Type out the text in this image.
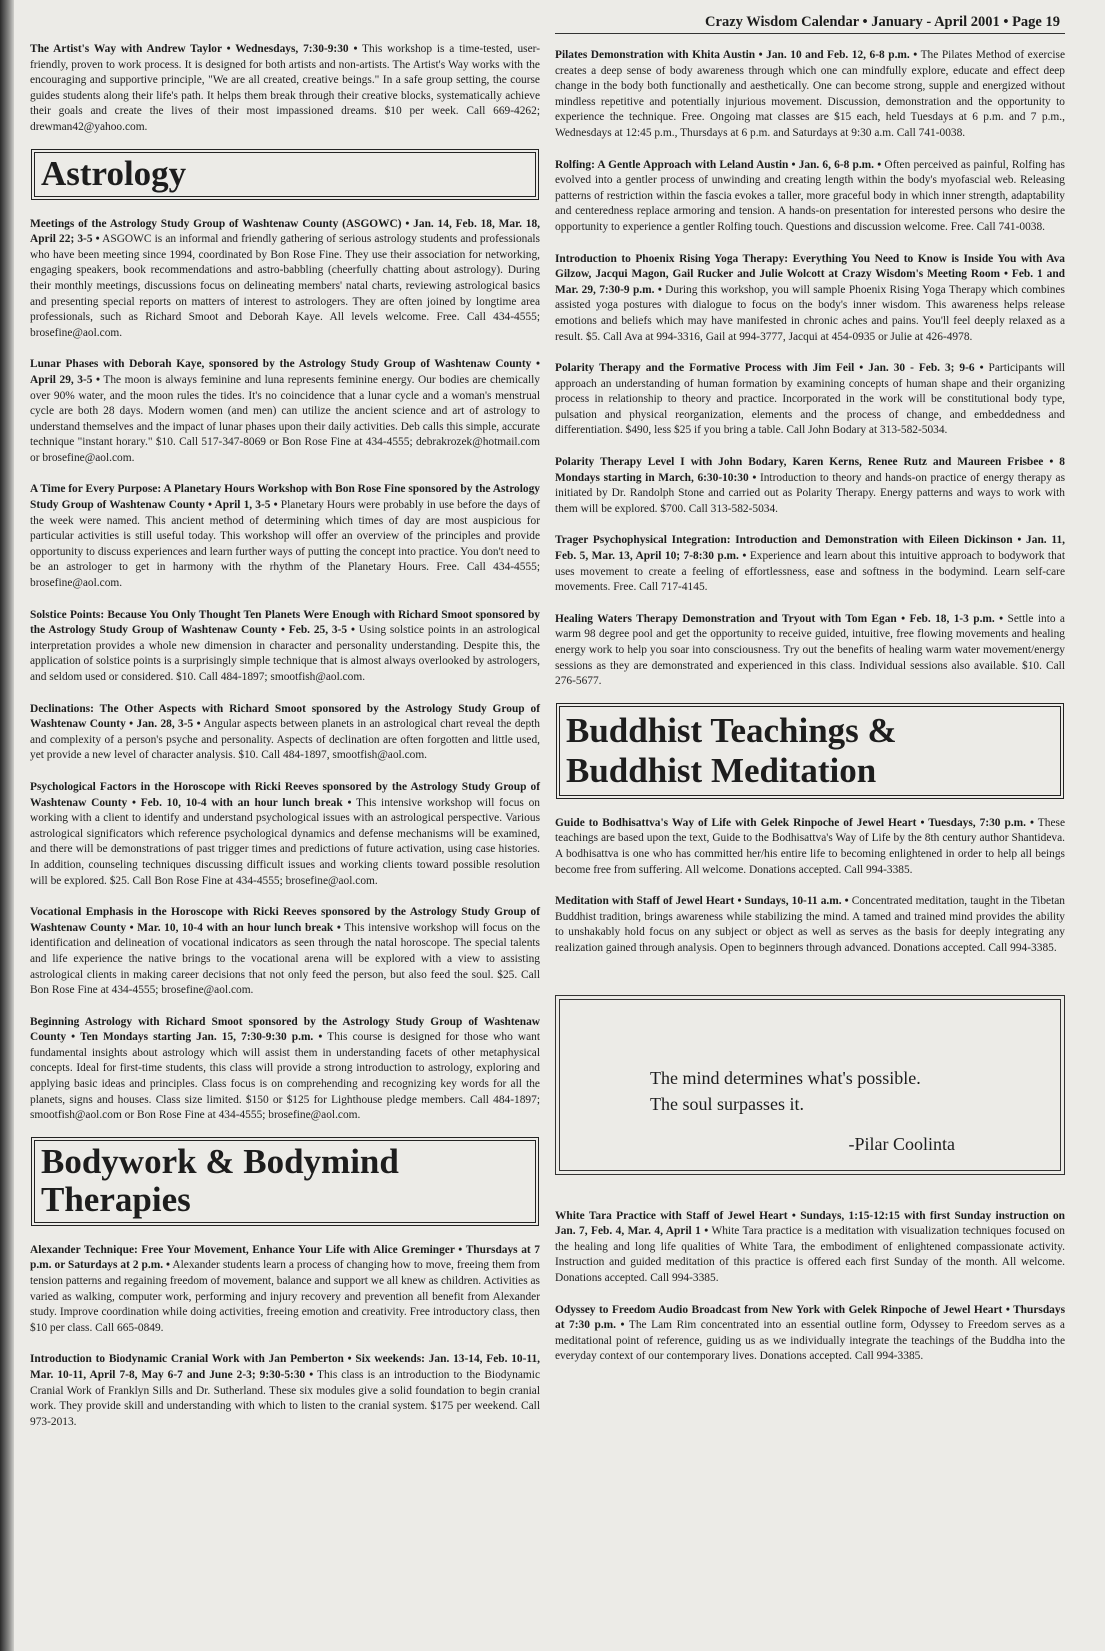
Crazy Wisdom Calendar • January - April 2001 • Page 19

The Artist's Way with Andrew Taylor • Wednesdays, 7:30-9:30 • This workshop is a time-tested, user-friendly, proven to work process. It is designed for both artists and non-artists. The Artist's Way works with the encouraging and supportive principle, "We are all created, creative beings." In a safe group setting, the course guides students along their life's path. It helps them break through their creative blocks, systematically achieve their goals and create the lives of their most impassioned dreams. $10 per week. Call 669-4262; drewman42@yahoo.com.

Astrology

Meetings of the Astrology Study Group of Washtenaw County (ASGOWC) • Jan. 14, Feb. 18, Mar. 18, April 22; 3-5 • ASGOWC is an informal and friendly gathering of serious astrology students and professionals who have been meeting since 1994, coordinated by Bon Rose Fine. They use their association for networking, engaging speakers, book recommendations and astro-babbling (cheerfully chatting about astrology). During their monthly meetings, discussions focus on delineating members' natal charts, reviewing astrological basics and presenting special reports on matters of interest to astrologers. They are often joined by longtime area professionals, such as Richard Smoot and Deborah Kaye. All levels welcome. Free. Call 434-4555; brosefine@aol.com.

Lunar Phases with Deborah Kaye, sponsored by the Astrology Study Group of Washtenaw County • April 29, 3-5 • The moon is always feminine and luna represents feminine energy. Our bodies are chemically over 90% water, and the moon rules the tides. It's no coincidence that a lunar cycle and a woman's menstrual cycle are both 28 days. Modern women (and men) can utilize the ancient science and art of astrology to understand themselves and the impact of lunar phases upon their daily activities. Deb calls this simple, accurate technique "instant horary." $10. Call 517-347-8069 or Bon Rose Fine at 434-4555; debrakrozek@hotmail.com or brosefine@aol.com.

A Time for Every Purpose: A Planetary Hours Workshop with Bon Rose Fine sponsored by the Astrology Study Group of Washtenaw County • April 1, 3-5 • Planetary Hours were probably in use before the days of the week were named. This ancient method of determining which times of day are most auspicious for particular activities is still useful today. This workshop will offer an overview of the principles and provide opportunity to discuss experiences and learn further ways of putting the concept into practice. You don't need to be an astrologer to get in harmony with the rhythm of the Planetary Hours. Free. Call 434-4555; brosefine@aol.com.

Solstice Points: Because You Only Thought Ten Planets Were Enough with Richard Smoot sponsored by the Astrology Study Group of Washtenaw County • Feb. 25, 3-5 • Using solstice points in an astrological interpretation provides a whole new dimension in character and personality understanding. Despite this, the application of solstice points is a surprisingly simple technique that is almost always overlooked by astrologers, and seldom used or considered. $10. Call 484-1897; smootfish@aol.com.

Declinations: The Other Aspects with Richard Smoot sponsored by the Astrology Study Group of Washtenaw County • Jan. 28, 3-5 • Angular aspects between planets in an astrological chart reveal the depth and complexity of a person's psyche and personality. Aspects of declination are often forgotten and little used, yet provide a new level of character analysis. $10. Call 484-1897, smootfish@aol.com.

Psychological Factors in the Horoscope with Ricki Reeves sponsored by the Astrology Study Group of Washtenaw County • Feb. 10, 10-4 with an hour lunch break • This intensive workshop will focus on working with a client to identify and understand psychological issues with an astrological perspective. Various astrological significators which reference psychological dynamics and defense mechanisms will be examined, and there will be demonstrations of past trigger times and predictions of future activation, using case histories. In addition, counseling techniques discussing difficult issues and working clients toward possible resolution will be explored. $25. Call Bon Rose Fine at 434-4555; brosefine@aol.com.

Vocational Emphasis in the Horoscope with Ricki Reeves sponsored by the Astrology Study Group of Washtenaw County • Mar. 10, 10-4 with an hour lunch break • This intensive workshop will focus on the identification and delineation of vocational indicators as seen through the natal horoscope. The special talents and life experience the native brings to the vocational arena will be explored with a view to assisting astrological clients in making career decisions that not only feed the person, but also feed the soul. $25. Call Bon Rose Fine at 434-4555; brosefine@aol.com.

Beginning Astrology with Richard Smoot sponsored by the Astrology Study Group of Washtenaw County • Ten Mondays starting Jan. 15, 7:30-9:30 p.m. • This course is designed for those who want fundamental insights about astrology which will assist them in understanding facets of other metaphysical concepts. Ideal for first-time students, this class will provide a strong introduction to astrology, exploring and applying basic ideas and principles. Class focus is on comprehending and recognizing key words for all the planets, signs and houses. Class size limited. $150 or $125 for Lighthouse pledge members. Call 484-1897; smootfish@aol.com or Bon Rose Fine at 434-4555; brosefine@aol.com.

Bodywork & Bodymind Therapies

Alexander Technique: Free Your Movement, Enhance Your Life with Alice Greminger • Thursdays at 7 p.m. or Saturdays at 2 p.m. • Alexander students learn a process of changing how to move, freeing them from tension patterns and regaining freedom of movement, balance and support we all knew as children. Activities as varied as walking, computer work, performing and injury recovery and prevention all benefit from Alexander study. Improve coordination while doing activities, freeing emotion and creativity. Free introductory class, then $10 per class. Call 665-0849.

Introduction to Biodynamic Cranial Work with Jan Pemberton • Six weekends: Jan. 13-14, Feb. 10-11, Mar. 10-11, April 7-8, May 6-7 and June 2-3; 9:30-5:30 • This class is an introduction to the Biodynamic Cranial Work of Franklyn Sills and Dr. Sutherland. These six modules give a solid foundation to begin cranial work. They provide skill and understanding with which to listen to the cranial system. $175 per weekend. Call 973-2013.

Pilates Demonstration with Khita Austin • Jan. 10 and Feb. 12, 6-8 p.m. • The Pilates Method of exercise creates a deep sense of body awareness through which one can mindfully explore, educate and effect deep change in the body both functionally and aesthetically. One can become strong, supple and energized without mindless repetitive and potentially injurious movement. Discussion, demonstration and the opportunity to experience the technique. Free. Ongoing mat classes are $15 each, held Tuesdays at 6 p.m. and 7 p.m., Wednesdays at 12:45 p.m., Thursdays at 6 p.m. and Saturdays at 9:30 a.m. Call 741-0038.

Rolfing: A Gentle Approach with Leland Austin • Jan. 6, 6-8 p.m. • Often perceived as painful, Rolfing has evolved into a gentler process of unwinding and creating length within the body's myofascial web. Releasing patterns of restriction within the fascia evokes a taller, more graceful body in which inner strength, adaptability and centeredness replace armoring and tension. A hands-on presentation for interested persons who desire the opportunity to experience a gentler Rolfing touch. Questions and discussion welcome. Free. Call 741-0038.

Introduction to Phoenix Rising Yoga Therapy: Everything You Need to Know is Inside You with Ava Gilzow, Jacqui Magon, Gail Rucker and Julie Wolcott at Crazy Wisdom's Meeting Room • Feb. 1 and Mar. 29, 7:30-9 p.m. • During this workshop, you will sample Phoenix Rising Yoga Therapy which combines assisted yoga postures with dialogue to focus on the body's inner wisdom. This awareness helps release emotions and beliefs which may have manifested in chronic aches and pains. You'll feel deeply relaxed as a result. $5. Call Ava at 994-3316, Gail at 994-3777, Jacqui at 454-0935 or Julie at 426-4978.

Polarity Therapy and the Formative Process with Jim Feil • Jan. 30 - Feb. 3; 9-6 • Participants will approach an understanding of human formation by examining concepts of human shape and their organizing process in relationship to theory and practice. Incorporated in the work will be constitutional body type, pulsation and physical reorganization, elements and the process of change, and embeddedness and differentiation. $490, less $25 if you bring a table. Call John Bodary at 313-582-5034.

Polarity Therapy Level I with John Bodary, Karen Kerns, Renee Rutz and Maureen Frisbee • 8 Mondays starting in March, 6:30-10:30 • Introduction to theory and hands-on practice of energy therapy as initiated by Dr. Randolph Stone and carried out as Polarity Therapy. Energy patterns and ways to work with them will be explored. $700. Call 313-582-5034.

Trager Psychophysical Integration: Introduction and Demonstration with Eileen Dickinson • Jan. 11, Feb. 5, Mar. 13, April 10; 7-8:30 p.m. • Experience and learn about this intuitive approach to bodywork that uses movement to create a feeling of effortlessness, ease and softness in the bodymind. Learn self-care movements. Free. Call 717-4145.

Healing Waters Therapy Demonstration and Tryout with Tom Egan • Feb. 18, 1-3 p.m. • Settle into a warm 98 degree pool and get the opportunity to receive guided, intuitive, free flowing movements and healing energy work to help you soar into consciousness. Try out the benefits of healing warm water movement/energy sessions as they are demonstrated and experienced in this class. Individual sessions also available. $10. Call 276-5677.

Buddhist Teachings &
Buddhist Meditation

Guide to Bodhisattva's Way of Life with Gelek Rinpoche of Jewel Heart • Tuesdays, 7:30 p.m. • These teachings are based upon the text, Guide to the Bodhisattva's Way of Life by the 8th century author Shantideva. A bodhisattva is one who has committed her/his entire life to becoming enlightened in order to help all beings become free from suffering. All welcome. Donations accepted. Call 994-3385.

Meditation with Staff of Jewel Heart • Sundays, 10-11 a.m. • Concentrated meditation, taught in the Tibetan Buddhist tradition, brings awareness while stabilizing the mind. A tamed and trained mind provides the ability to unshakably hold focus on any subject or object as well as serves as the basis for deeply integrating any realization gained through analysis. Open to beginners through advanced. Donations accepted. Call 994-3385.

The mind determines what's possible.
The soul surpasses it.
-Pilar Coolinta

White Tara Practice with Staff of Jewel Heart • Sundays, 1:15-12:15 with first Sunday instruction on Jan. 7, Feb. 4, Mar. 4, April 1 • White Tara practice is a meditation with visualization techniques focused on the healing and long life qualities of White Tara, the embodiment of enlightened compassionate activity. Instruction and guided meditation of this practice is offered each first Sunday of the month. All welcome. Donations accepted. Call 994-3385.

Odyssey to Freedom Audio Broadcast from New York with Gelek Rinpoche of Jewel Heart • Thursdays at 7:30 p.m. • The Lam Rim concentrated into an essential outline form, Odyssey to Freedom serves as a meditational point of reference, guiding us as we individually integrate the teachings of the Buddha into the everyday context of our contemporary lives. Donations accepted. Call 994-3385.
